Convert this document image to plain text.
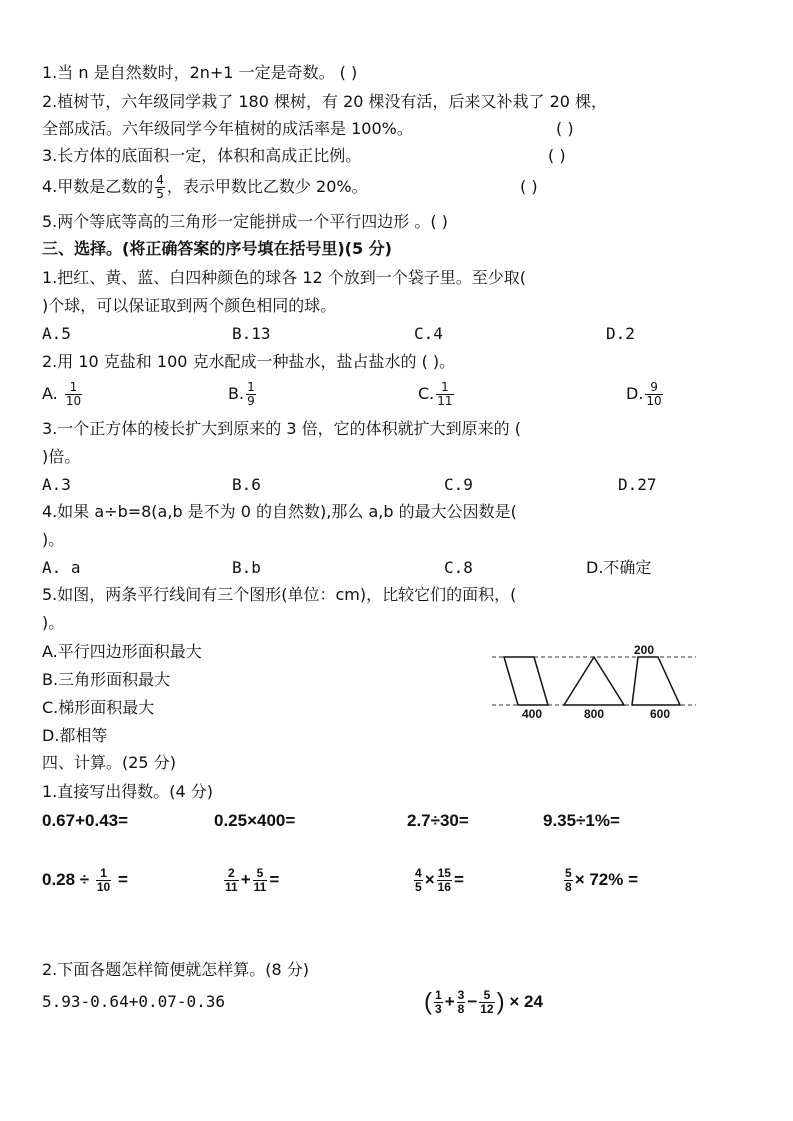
1.当 n 是自然数时，2n+1 一定是奇数。 ( )
2.植树节，六年级同学栽了 180 棵树，有 20 棵没有活，后来又补栽了 20 棵，
全部成活。六年级同学今年植树的成活率是 100%。	( )
3.长方体的底面积一定，体积和高成正比例。	( )
4.甲数是乙数的 $\frac{4}{5}$ ，表示甲数比乙数少 20%。	( )
5.两个等底等高的三角形一定能拼成一个平行四边形 。( )
三、选择。(将正确答案的序号填在括号里)(5 分)
1.把红、黄、蓝、白四种颜色的球各 12 个放到一个袋子里。至少取(
)个球，可以保证取到两个颜色相同的球。
A.5	B.13	C.4	D.2
2.用 10 克盐和 100 克水配成一种盐水，盐占盐水的 ( )。
A. $\frac{1}{10}$	B. $\frac{1}{9}$	C. $\frac{1}{11}$	D. $\frac{9}{10}$
3.一个正方体的棱长扩大到原来的 3 倍，它的体积就扩大到原来的 (
)倍。
A.3	B.6	C.9	D.27
4.如果 a÷b=8(a,b 是不为 0 的自然数),那么 a,b 的最大公因数是(
)。
A. a	B.b	C.8	D.不确定
5.如图，两条平行线间有三个图形(单位：cm)，比较它们的面积，(
)。
A.平行四边形面积最大
B.三角形面积最大
C.梯形面积最大
D.都相等
200
400	800	600
四、计算。(25 分)
1.直接写出得数。(4 分)
0.67+0.43=	0.25×400=	2.7÷30=	9.35÷1%=
$0.28 \div \frac{1}{10}$ =	$\frac{2}{11} + \frac{5}{11}$ =	$\frac{4}{5} \times \frac{15}{16}$ =	$\frac{5}{8} \times 72\%$ =
2.下面各题怎样简便就怎样算。(8 分)
5.93-0.64+0.07-0.36	( $\frac{1}{3} + \frac{3}{8} - \frac{5}{12}$ ) × 24
